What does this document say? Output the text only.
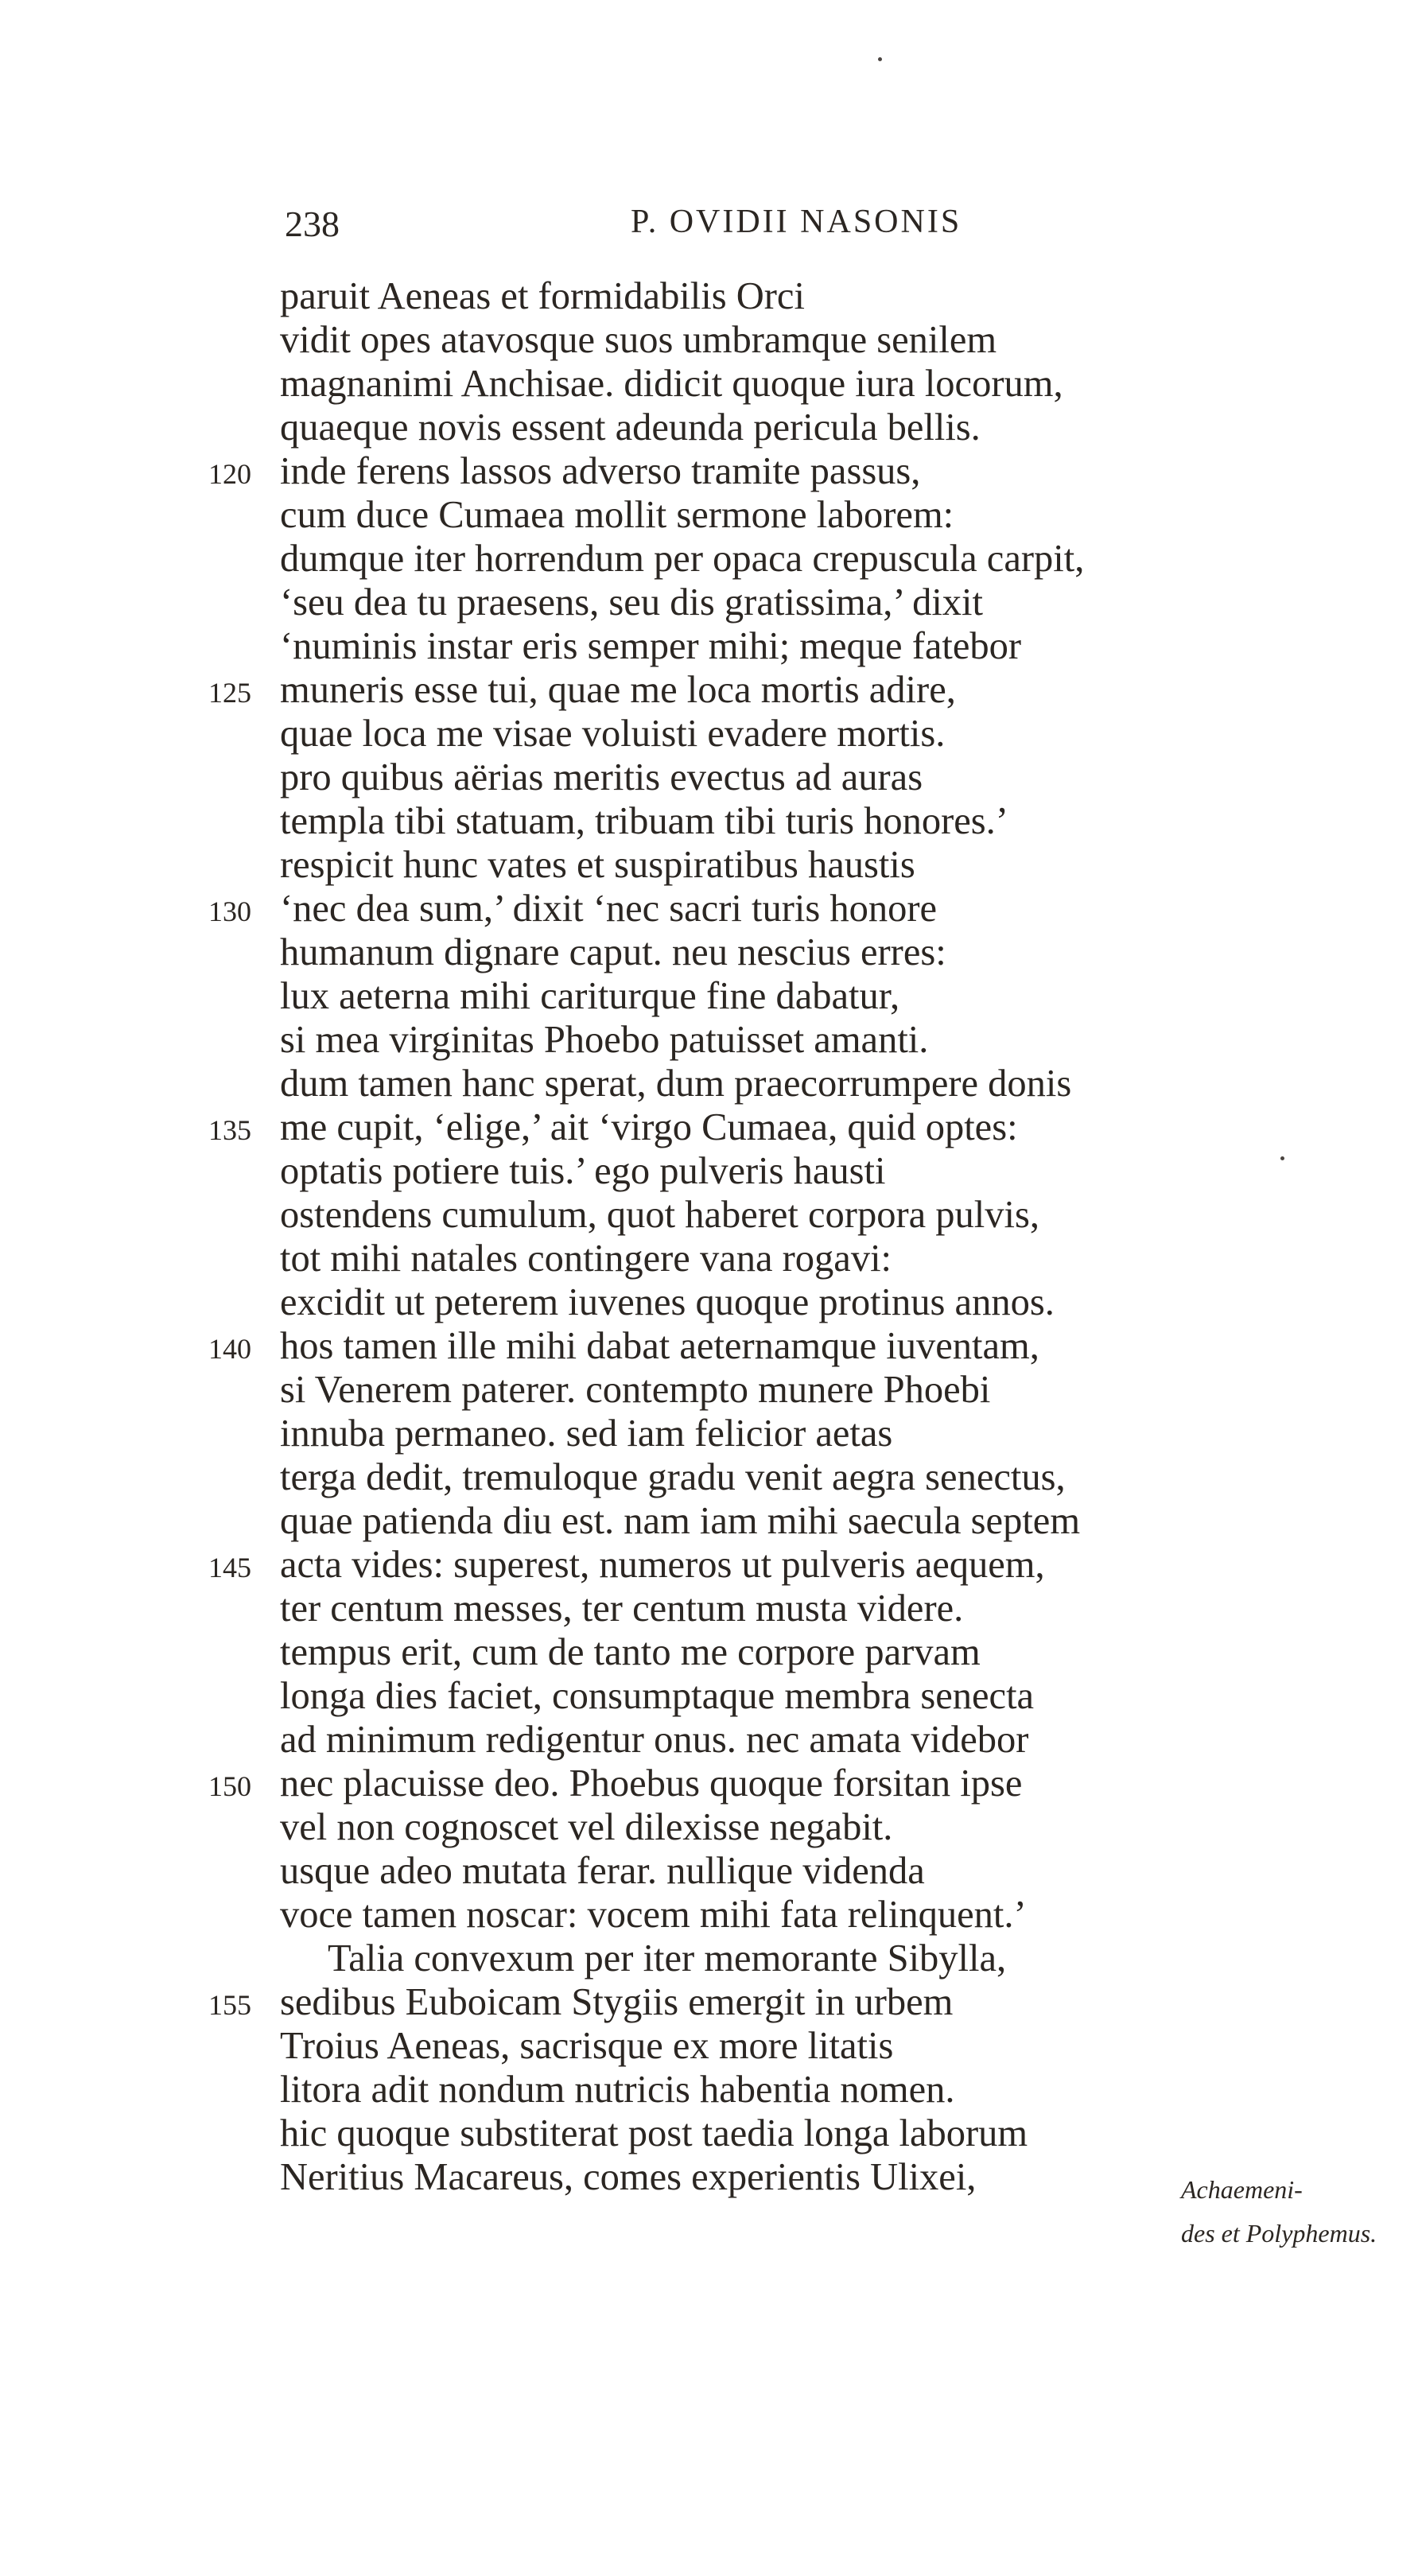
238	P. OVIDII NASONIS
paruit Aeneas et formidabilis Orci
vidit opes atavosque suos umbramque senilem
magnanimi Anchisae. didicit quoque iura locorum,
quaeque novis essent adeunda pericula bellis.
120 inde ferens lassos adverso tramite passus,
cum duce Cumaea mollit sermone laborem:
dumque iter horrendum per opaca crepuscula carpit,
‘seu dea tu praesens, seu dis gratissima,’ dixit
‘numinis instar eris semper mihi; meque fatebor
125 muneris esse tui, quae me loca mortis adire,
quae loca me visae voluisti evadere mortis.
pro quibus aërias meritis evectus ad auras
templa tibi statuam, tribuam tibi turis honores.’
respicit hunc vates et suspiratibus haustis
130 ‘nec dea sum,’ dixit ‘nec sacri turis honore
humanum dignare caput. neu nescius erres:
lux aeterna mihi cariturque fine dabatur,
si mea virginitas Phoebo patuisset amanti.
dum tamen hanc sperat, dum praecorrumpere donis
135 me cupit, ‘elige,’ ait ‘virgo Cumaea, quid optes:
optatis potiere tuis.’ ego pulveris hausti
ostendens cumulum, quot haberet corpora pulvis,
tot mihi natales contingere vana rogavi:
excidit ut peterem iuvenes quoque protinus annos.
140 hos tamen ille mihi dabat aeternamque iuventam,
si Venerem paterer. contempto munere Phoebi
innuba permaneo. sed iam felicior aetas
terga dedit, tremuloque gradu venit aegra senectus,
quae patienda diu est. nam iam mihi saecula septem
145 acta vides: superest, numeros ut pulveris aequem,
ter centum messes, ter centum musta videre.
tempus erit, cum de tanto me corpore parvam
longa dies faciet, consumptaque membra senecta
ad minimum redigentur onus. nec amata videbor
150 nec placuisse deo. Phoebus quoque forsitan ipse
vel non cognoscet vel dilexisse negabit.
usque adeo mutata ferar. nullique videnda
voce tamen noscar: vocem mihi fata relinquent.’
Talia convexum per iter memorante Sibylla,
155 sedibus Euboicam Stygiis emergit in urbem
Troius Aeneas, sacrisque ex more litatis
litora adit nondum nutricis habentia nomen.
hic quoque substiterat post taedia longa laborum
Neritius Macareus, comes experientis Ulixei,	Achaemeni-
des et Polyphemus.
